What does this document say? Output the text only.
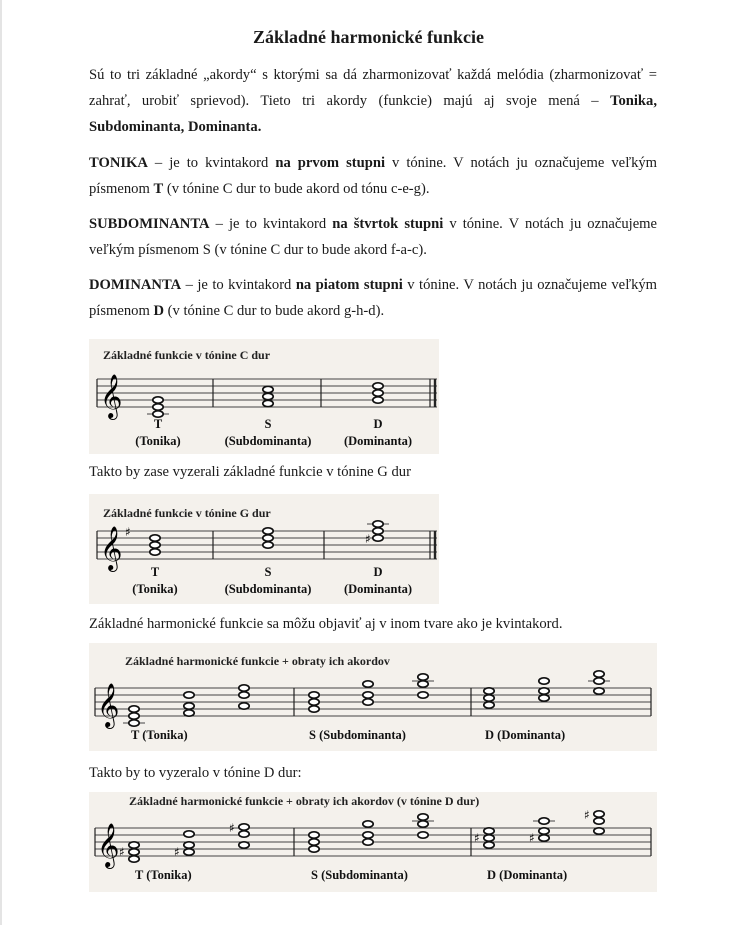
Základné harmonické funkcie

Sú to tri základné „akordy“ s ktorými sa dá zharmonizovať každá melódia (zharmonizovať = zahrať, urobiť sprievod). Tieto tri akordy (funkcie) majú aj svoje mená – Tonika, Subdominanta, Dominanta.

TONIKA – je to kvintakord na prvom stupni v tónine. V notách ju označujeme veľkým písmenom T (v tónine C dur to bude akord od tónu c-e-g).

SUBDOMINANTA – je to kvintakord na štvrtok stupni v tónine. V notách ju označujeme veľkým písmenom S (v tónine C dur to bude akord f-a-c).

DOMINANTA – je to kvintakord na piatom stupni v tónine. V notách ju označujeme veľkým písmenom D (v tónine C dur to bude akord g-h-d).

Základné funkcie v tónine C dur
𝄞
T
(Tonika)
S
(Subdominanta)
D
(Dominanta)

Takto by zase vyzerali základné funkcie v tónine G dur

Základné funkcie v tónine G dur
𝄞 ♯	♯
T
(Tonika)
S
(Subdominanta)
D
(Dominanta)

Základné harmonické funkcie sa môžu objaviť aj v inom tvare ako je kvintakord.

Základné harmonické funkcie + obraty ich akordov
𝄞
T (Tonika)	S (Subdominanta)	D (Dominanta)

Takto by to vyzeralo v tónine D dur:

Základné harmonické funkcie + obraty ich akordov (v tónine D dur)
𝄞 ♯	♯
♯
♯	♯
♯
T (Tonika)	S (Subdominanta)	D (Dominanta)
